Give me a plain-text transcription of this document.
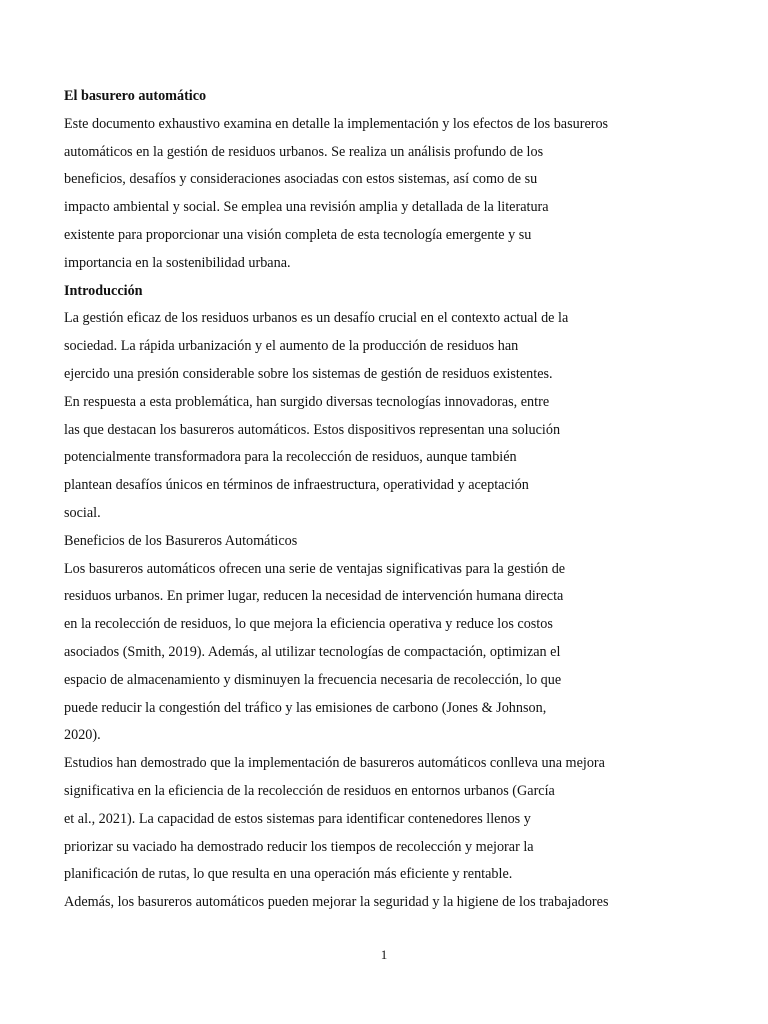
El basurero automático
Este documento exhaustivo examina en detalle la implementación y los efectos de los basureros
automáticos en la gestión de residuos urbanos. Se realiza un análisis profundo de los
beneficios, desafíos y consideraciones asociadas con estos sistemas, así como de su
impacto ambiental y social. Se emplea una revisión amplia y detallada de la literatura
existente para proporcionar una visión completa de esta tecnología emergente y su
importancia en la sostenibilidad urbana.
Introducción
La gestión eficaz de los residuos urbanos es un desafío crucial en el contexto actual de la
sociedad. La rápida urbanización y el aumento de la producción de residuos han
ejercido una presión considerable sobre los sistemas de gestión de residuos existentes.
En respuesta a esta problemática, han surgido diversas tecnologías innovadoras, entre
las que destacan los basureros automáticos. Estos dispositivos representan una solución
potencialmente transformadora para la recolección de residuos, aunque también
plantean desafíos únicos en términos de infraestructura, operatividad y aceptación
social.
Beneficios de los Basureros Automáticos
Los basureros automáticos ofrecen una serie de ventajas significativas para la gestión de
residuos urbanos. En primer lugar, reducen la necesidad de intervención humana directa
en la recolección de residuos, lo que mejora la eficiencia operativa y reduce los costos
asociados (Smith, 2019). Además, al utilizar tecnologías de compactación, optimizan el
espacio de almacenamiento y disminuyen la frecuencia necesaria de recolección, lo que
puede reducir la congestión del tráfico y las emisiones de carbono (Jones & Johnson,
2020).
Estudios han demostrado que la implementación de basureros automáticos conlleva una mejora
significativa en la eficiencia de la recolección de residuos en entornos urbanos (García
et al., 2021). La capacidad de estos sistemas para identificar contenedores llenos y
priorizar su vaciado ha demostrado reducir los tiempos de recolección y mejorar la
planificación de rutas, lo que resulta en una operación más eficiente y rentable.
Además, los basureros automáticos pueden mejorar la seguridad y la higiene de los trabajadores
1
